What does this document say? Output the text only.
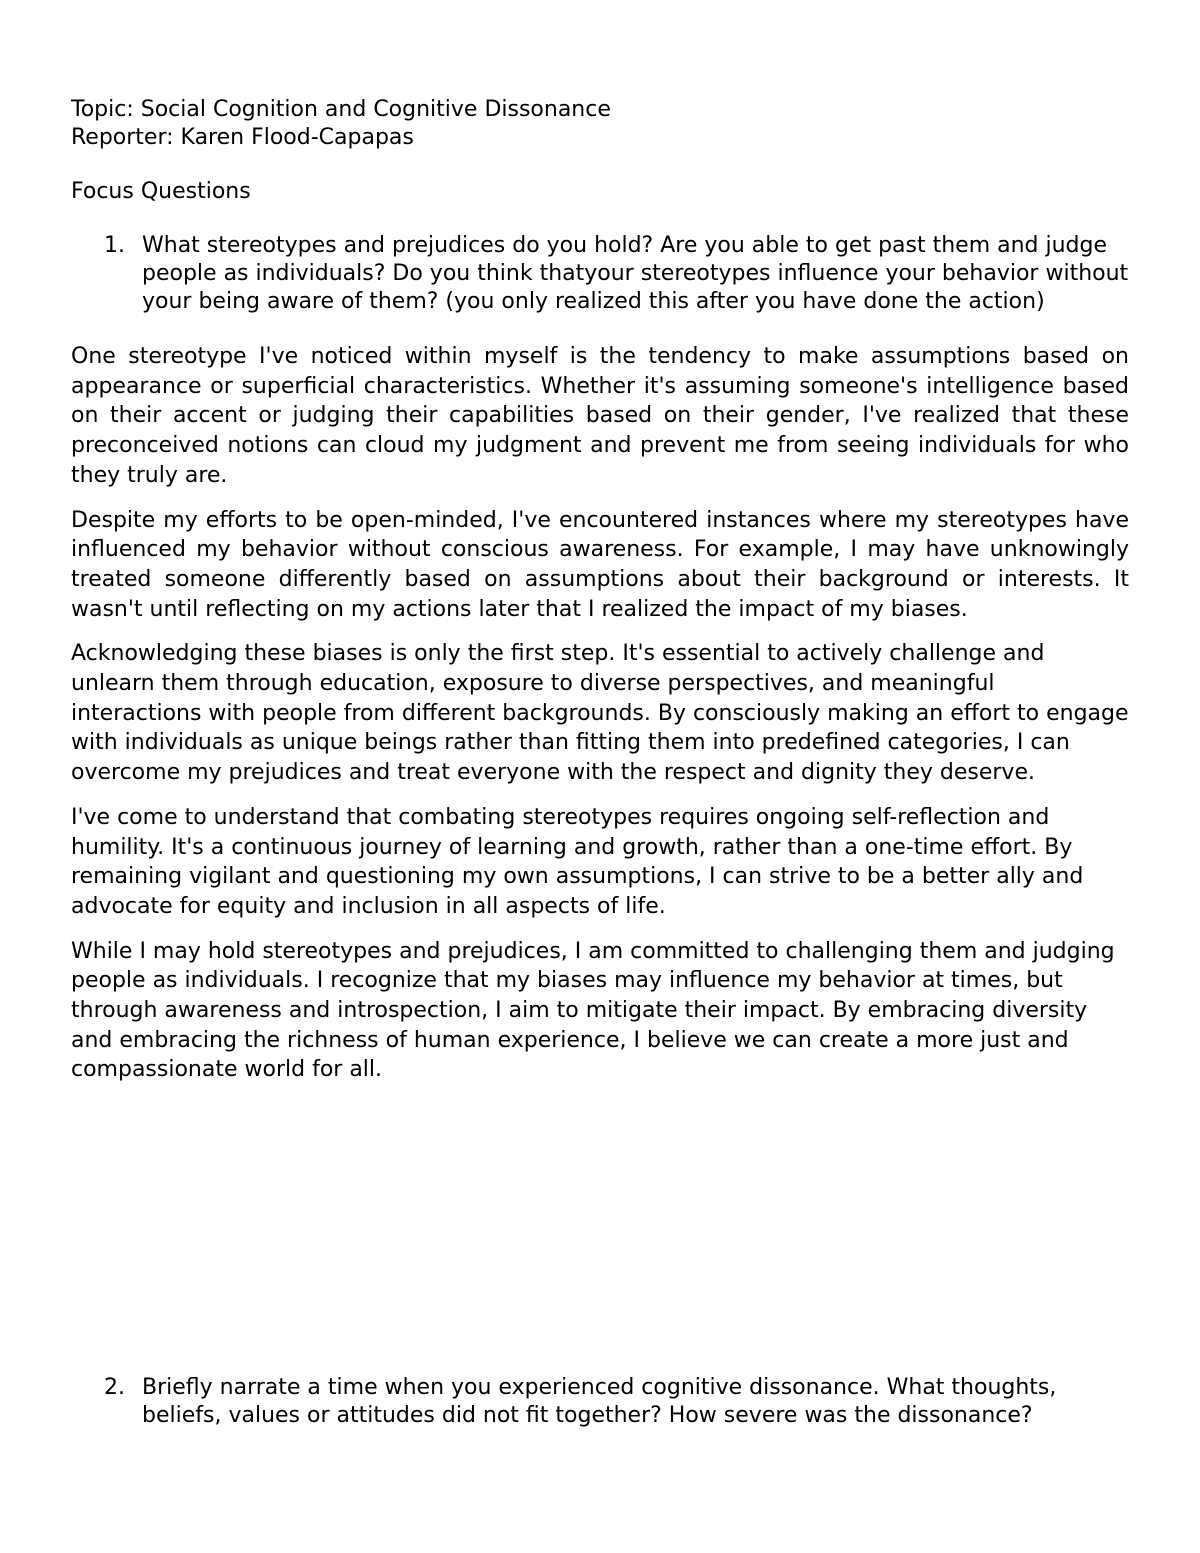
Topic: Social Cognition and Cognitive Dissonance

Reporter: Karen Flood-Capapas

Focus Questions

1. What stereotypes and prejudices do you hold? Are you able to get past them and judge people as individuals? Do you think thatyour stereotypes influence your behavior without your being aware of them? (you only realized this after you have done the action)

One stereotype I've noticed within myself is the tendency to make assumptions based on appearance or superficial characteristics. Whether it's assuming someone's intelligence based on their accent or judging their capabilities based on their gender, I've realized that these preconceived notions can cloud my judgment and prevent me from seeing individuals for who they truly are.

Despite my efforts to be open-minded, I've encountered instances where my stereotypes have influenced my behavior without conscious awareness. For example, I may have unknowingly treated someone differently based on assumptions about their background or interests. It wasn't until reflecting on my actions later that I realized the impact of my biases.

Acknowledging these biases is only the first step. It's essential to actively challenge and unlearn them through education, exposure to diverse perspectives, and meaningful interactions with people from different backgrounds. By consciously making an effort to engage with individuals as unique beings rather than fitting them into predefined categories, I can overcome my prejudices and treat everyone with the respect and dignity they deserve.

I've come to understand that combating stereotypes requires ongoing self-reflection and humility. It's a continuous journey of learning and growth, rather than a one-time effort. By remaining vigilant and questioning my own assumptions, I can strive to be a better ally and advocate for equity and inclusion in all aspects of life.

While I may hold stereotypes and prejudices, I am committed to challenging them and judging people as individuals. I recognize that my biases may influence my behavior at times, but through awareness and introspection, I aim to mitigate their impact. By embracing diversity and embracing the richness of human experience, I believe we can create a more just and compassionate world for all.

2. Briefly narrate a time when you experienced cognitive dissonance. What thoughts, beliefs, values or attitudes did not fit together? How severe was the dissonance?
